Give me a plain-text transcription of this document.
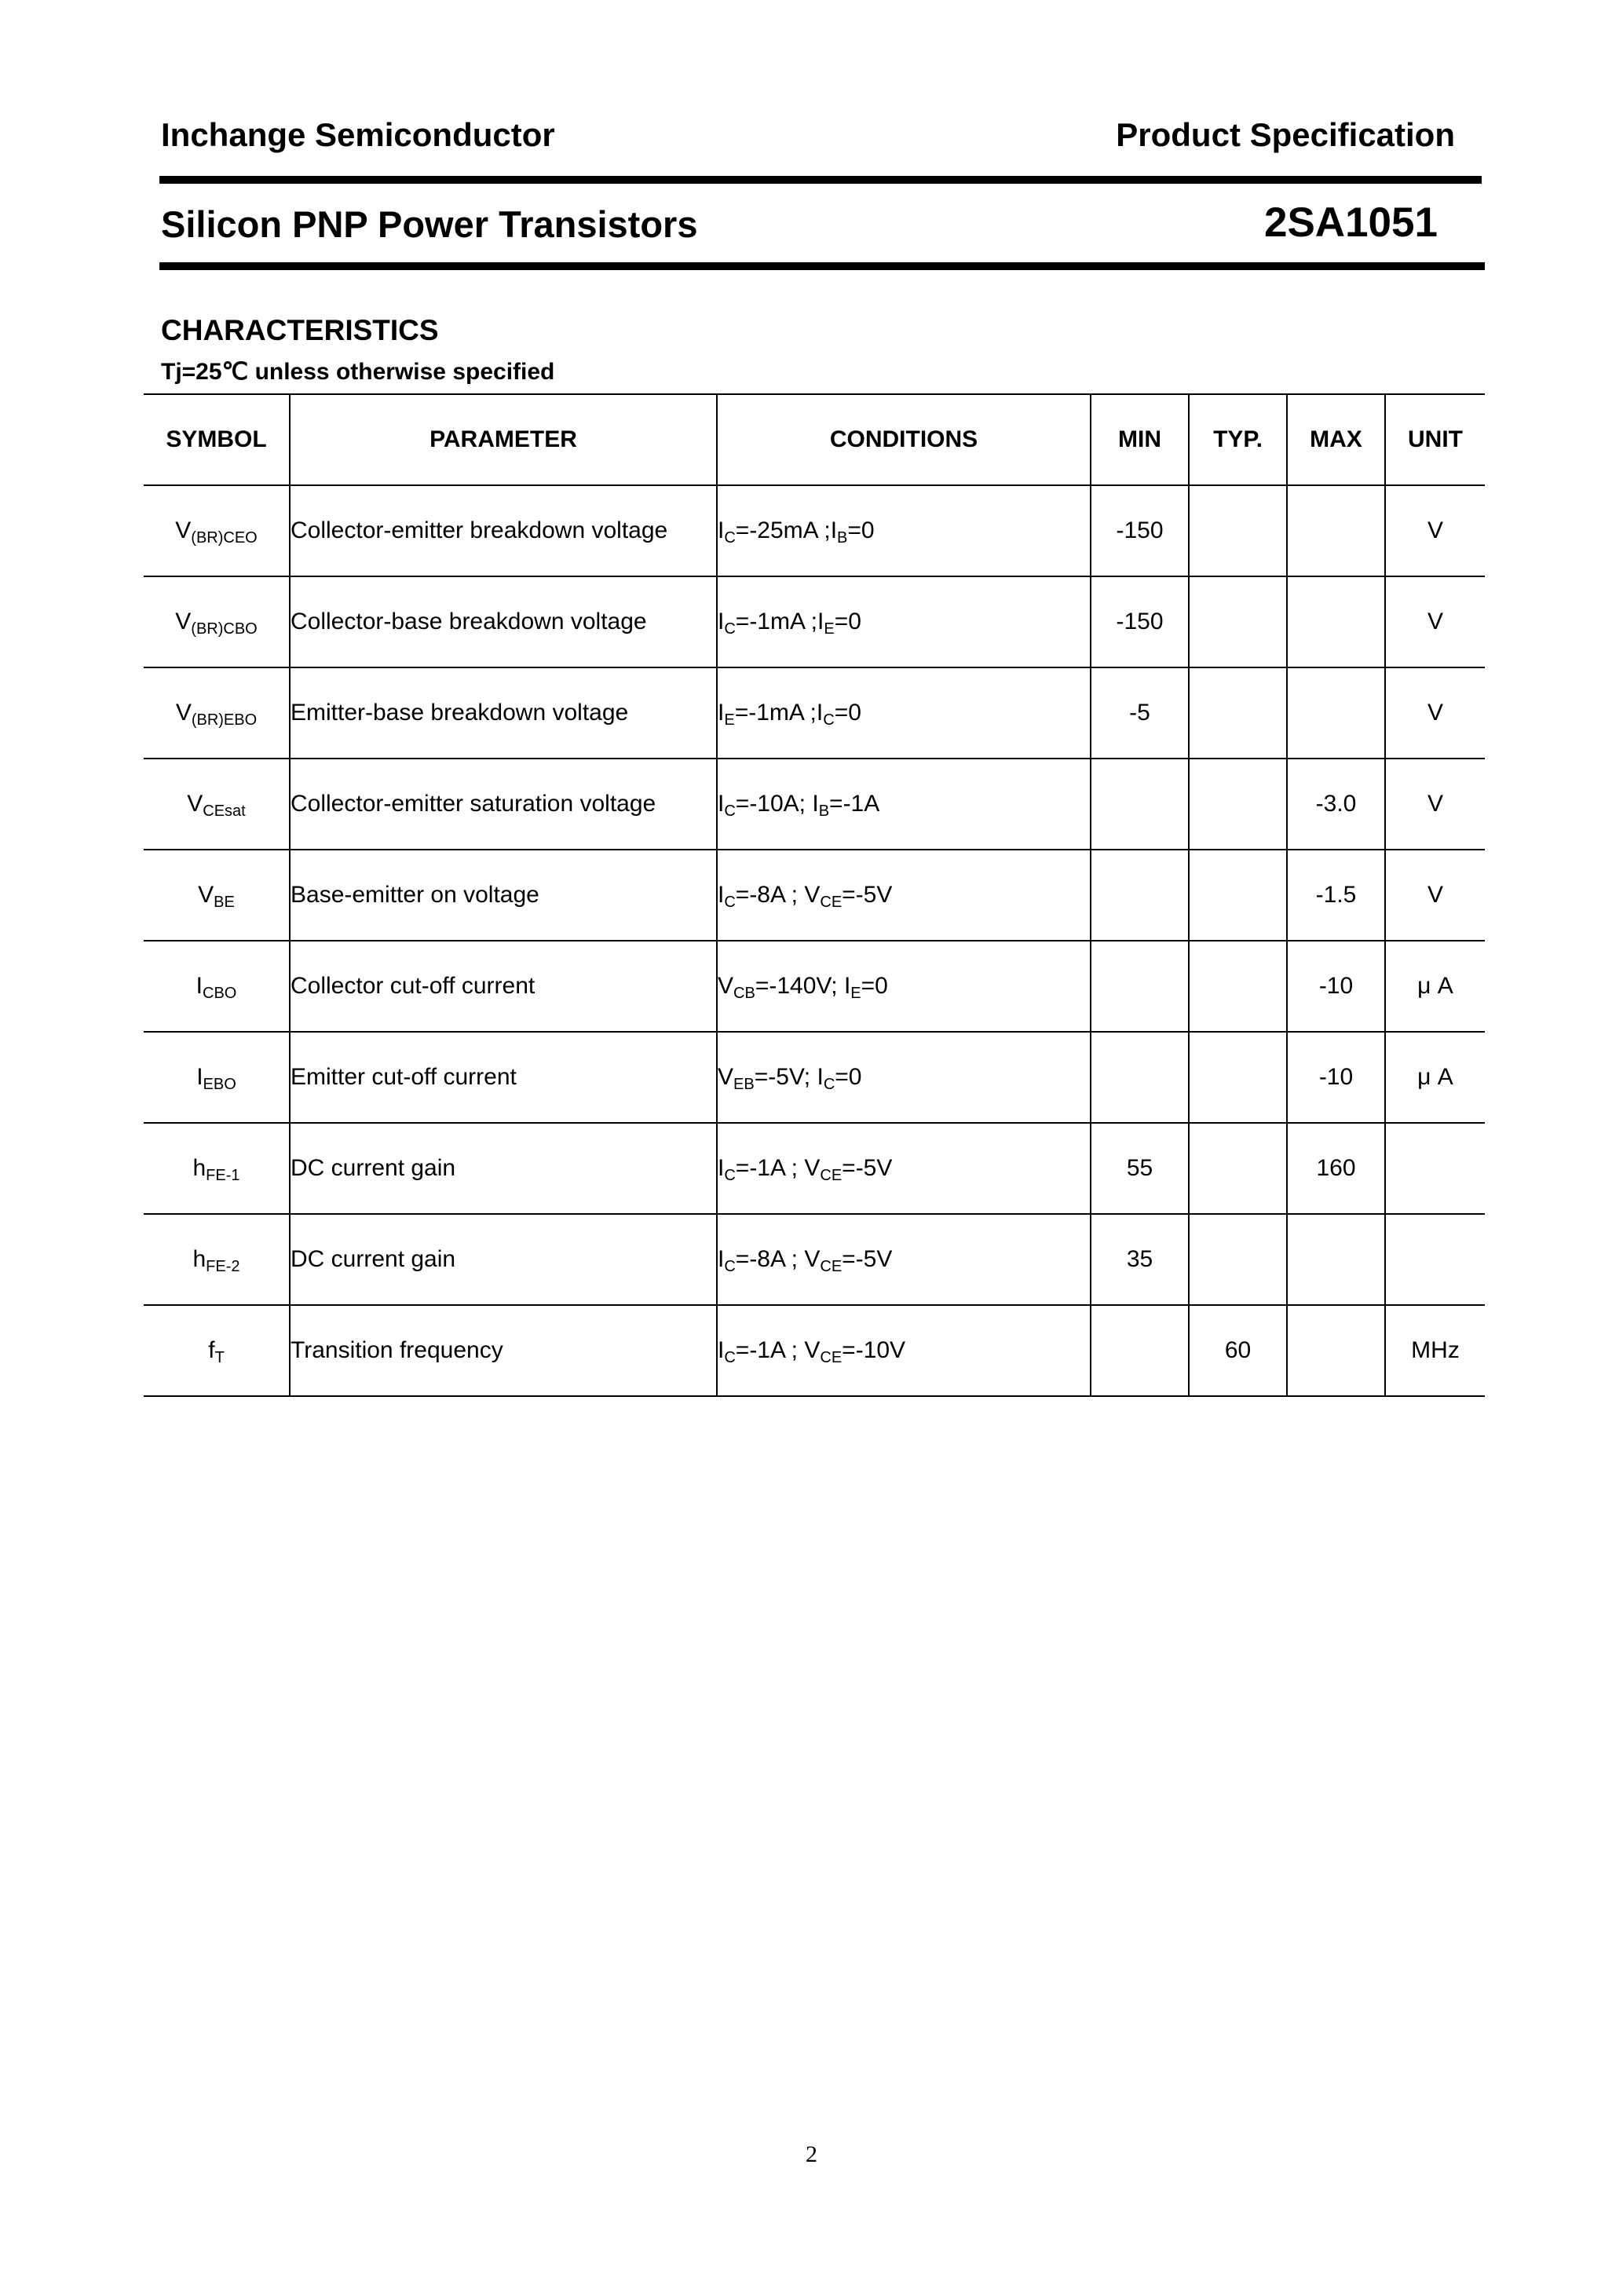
Inchange Semiconductor	Product Specification
Silicon PNP Power Transistors	2SA1051
CHARACTERISTICS
Tj=25℃ unless otherwise specified
SYMBOL	PARAMETER	CONDITIONS	MIN	TYP.	MAX	UNIT
$V_{(BR)CEO}$	Collector-emitter breakdown voltage	$I_C=-25mA$ $;I_B=0$	-150			V
$V_{(BR)CBO}$	Collector-base breakdown voltage	$I_C=-1mA$ $;I_E=0$	-150			V
$V_{(BR)EBO}$	Emitter-base breakdown voltage	$I_E=-1mA$ $;I_C=0$	-5			V
$V_{CEsat}$	Collector-emitter saturation voltage	$I_C=-10A$; $I_B=-1A$			-3.0	V
$V_{BE}$	Base-emitter on voltage	$I_C=-8A$ ; $V_{CE}=-5V$			-1.5	V
$I_{CBO}$	Collector cut-off current	$V_{CB}=-140V$; $I_E=0$			-10	μ A
$I_{EBO}$	Emitter cut-off current	$V_{EB}=-5V$; $I_C=0$			-10	μ A
$h_{FE-1}$	DC current gain	$I_C=-1A$ ; $V_{CE}=-5V$	55		160	
$h_{FE-2}$	DC current gain	$I_C=-8A$ ; $V_{CE}=-5V$	35			
$f_T$	Transition frequency	$I_C=-1A$ ; $V_{CE}=-10V$		60		MHz
2
